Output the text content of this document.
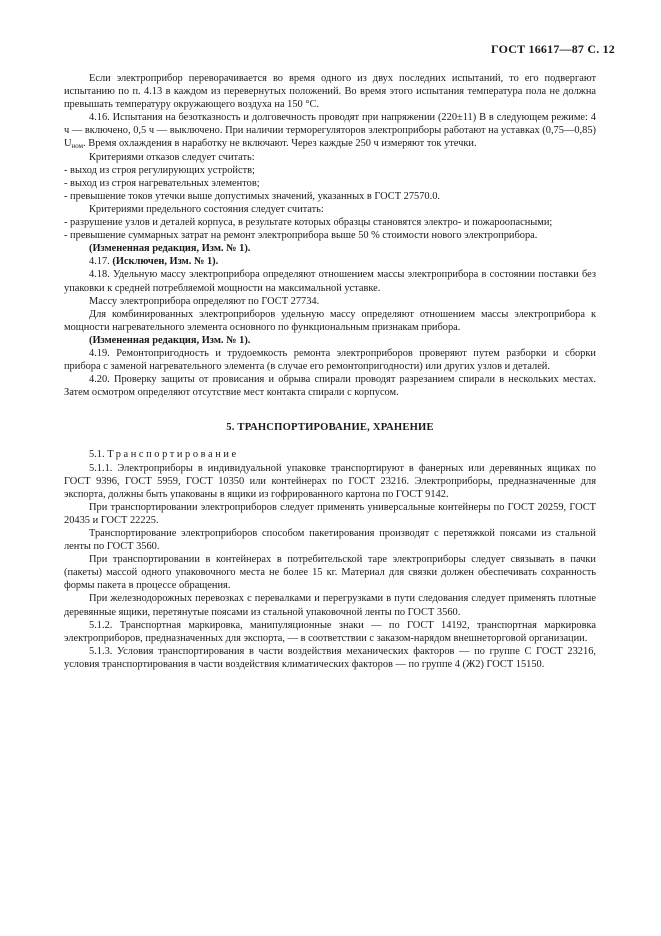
ГОСТ 16617—87 С. 12

Если электроприбор переворачивается во время одного из двух последних испытаний, то его подвергают испытанию по п. 4.13 в каждом из перевернутых положений. Во время этого испытания температура пола не должна превышать температуру окружающего воздуха на 150 °С.

4.16. Испытания на безотказность и долговечность проводят при напряжении (220±11) В в следующем режиме: 4 ч — включено, 0,5 ч — выключено. При наличии терморегуляторов электроприборы работают на уставках (0,75—0,85) $U_{ном}$. Время охлаждения в наработку не включают. Через каждые 250 ч измеряют ток утечки.

Критериями отказов следует считать:

- выход из строя регулирующих устройств;

- выход из строя нагревательных элементов;

- превышение токов утечки выше допустимых значений, указанных в ГОСТ 27570.0.

Критериями предельного состояния следует считать:

- разрушение узлов и деталей корпуса, в результате которых образцы становятся электро- и пожароопасными;

- превышение суммарных затрат на ремонт электроприбора выше 50 % стоимости нового электроприбора.

(Измененная редакция, Изм. № 1).

4.17. (Исключен, Изм. № 1).

4.18. Удельную массу электроприбора определяют отношением массы электроприбора в состоянии поставки без упаковки к средней потребляемой мощности на максимальной уставке.

Массу электроприбора определяют по ГОСТ 27734.

Для комбинированных электроприборов удельную массу определяют отношением массы электроприбора к мощности нагревательного элемента основного по функциональным признакам прибора.

(Измененная редакция, Изм. № 1).

4.19. Ремонтопригодность и трудоемкость ремонта электроприборов проверяют путем разборки и сборки прибора с заменой нагревательного элемента (в случае его ремонтопригодности) или других узлов и деталей.

4.20. Проверку защиты от провисания и обрыва спирали проводят разрезанием спирали в нескольких местах. Затем осмотром определяют отсутствие мест контакта спирали с корпусом.

5. ТРАНСПОРТИРОВАНИЕ, ХРАНЕНИЕ

5.1. Транспортирование

5.1.1. Электроприборы в индивидуальной упаковке транспортируют в фанерных или деревянных ящиках по ГОСТ 9396, ГОСТ 5959, ГОСТ 10350 или контейнерах по ГОСТ 23216. Электроприборы, предназначенные для экспорта, должны быть упакованы в ящики из гофрированного картона по ГОСТ 9142.

При транспортировании электроприборов следует применять универсальные контейнеры по ГОСТ 20259, ГОСТ 20435 и ГОСТ 22225.

Транспортирование электроприборов способом пакетирования производят с перетяжкой поясами из стальной ленты по ГОСТ 3560.

При транспортировании в контейнерах в потребительской таре электроприборы следует связывать в пачки (пакеты) массой одного упаковочного места не более 15 кг. Материал для связки должен обеспечивать сохранность формы пакета в процессе обращения.

При железнодорожных перевозках с перевалками и перегрузками в пути следования следует применять плотные деревянные ящики, перетянутые поясами из стальной упаковочной ленты по ГОСТ 3560.

5.1.2. Транспортная маркировка, манипуляционные знаки — по ГОСТ 14192, транспортная маркировка электроприборов, предназначенных для экспорта, — в соответствии с заказом-нарядом внешнеторговой организации.

5.1.3. Условия транспортирования в части воздействия механических факторов — по группе С ГОСТ 23216, условия транспортирования в части воздействия климатических факторов — по группе 4 (Ж2) ГОСТ 15150.
